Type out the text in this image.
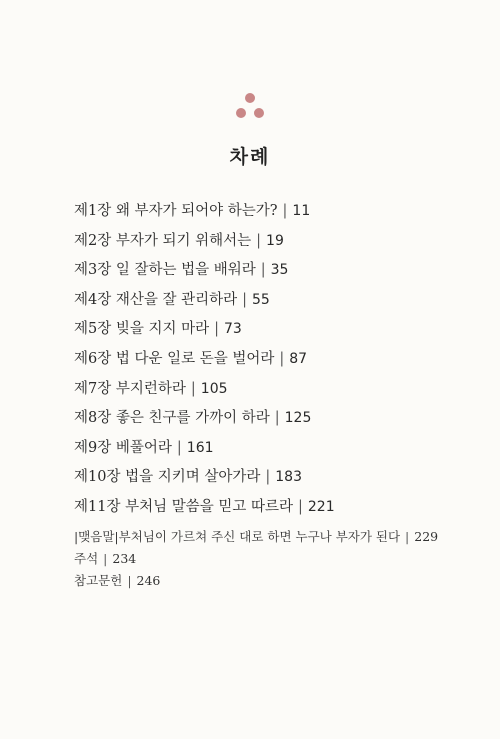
차례
제1장 왜 부자가 되어야 하는가? | 11
제2장 부자가 되기 위해서는 | 19
제3장 일 잘하는 법을 배워라 | 35
제4장 재산을 잘 관리하라 | 55
제5장 빚을 지지 마라 | 73
제6장 법 다운 일로 돈을 벌어라 | 87
제7장 부지런하라 | 105
제8장 좋은 친구를 가까이 하라 | 125
제9장 베풀어라 | 161
제10장 법을 지키며 살아가라 | 183
제11장 부처님 말씀을 믿고 따르라 | 221
|맺음말|부처님이 가르쳐 주신 대로 하면 누구나 부자가 된다 | 229
주석 | 234
참고문헌 | 246
